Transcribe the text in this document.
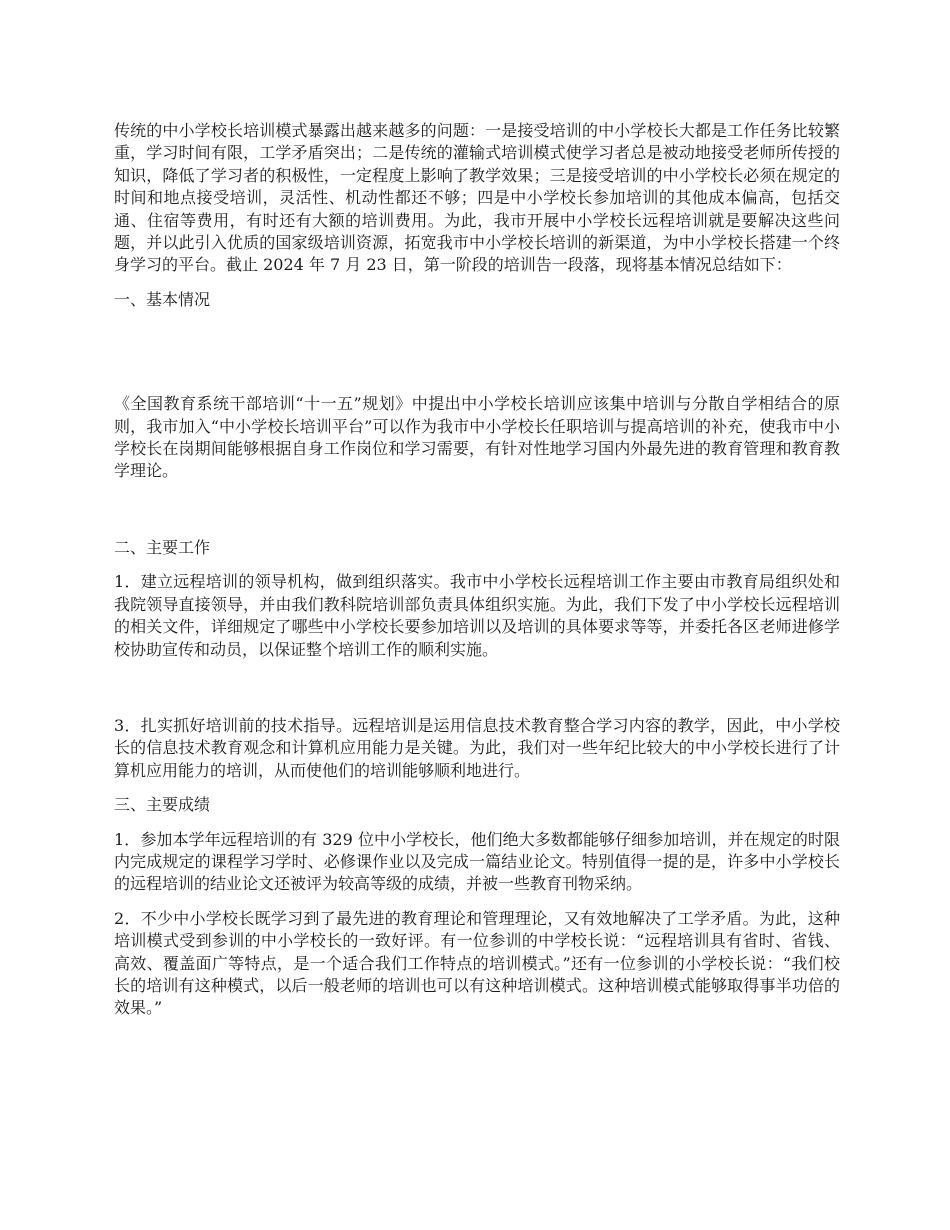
传统的中小学校长培训模式暴露出越来越多的问题：一是接受培训的中小学校长大都是工作任务比较繁重，学习时间有限，工学矛盾突出；二是传统的灌输式培训模式使学习者总是被动地接受老师所传授的知识，降低了学习者的积极性，一定程度上影响了教学效果；三是接受培训的中小学校长必须在规定的时间和地点接受培训，灵活性、机动性都还不够；四是中小学校长参加培训的其他成本偏高，包括交通、住宿等费用，有时还有大额的培训费用。为此，我市开展中小学校长远程培训就是要解决这些问题，并以此引入优质的国家级培训资源，拓宽我市中小学校长培训的新渠道，为中小学校长搭建一个终身学习的平台。截止 2024 年 7 月 23 日，第一阶段的培训告一段落，现将基本情况总结如下：

一、基本情况

《全国教育系统干部培训“十一五”规划》中提出中小学校长培训应该集中培训与分散自学相结合的原则，我市加入“中小学校长培训平台”可以作为我市中小学校长任职培训与提高培训的补充，使我市中小学校长在岗期间能够根据自身工作岗位和学习需要，有针对性地学习国内外最先进的教育管理和教育教学理论。

二、主要工作

1．建立远程培训的领导机构，做到组织落实。我市中小学校长远程培训工作主要由市教育局组织处和我院领导直接领导，并由我们教科院培训部负责具体组织实施。为此，我们下发了中小学校长远程培训的相关文件，详细规定了哪些中小学校长要参加培训以及培训的具体要求等等，并委托各区老师进修学校协助宣传和动员，以保证整个培训工作的顺利实施。

3．扎实抓好培训前的技术指导。远程培训是运用信息技术教育整合学习内容的教学，因此，中小学校长的信息技术教育观念和计算机应用能力是关键。为此，我们对一些年纪比较大的中小学校长进行了计算机应用能力的培训，从而使他们的培训能够顺利地进行。

三、主要成绩

1．参加本学年远程培训的有 329 位中小学校长，他们绝大多数都能够仔细参加培训，并在规定的时限内完成规定的课程学习学时、必修课作业以及完成一篇结业论文。特别值得一提的是，许多中小学校长的远程培训的结业论文还被评为较高等级的成绩，并被一些教育刊物采纳。

2．不少中小学校长既学习到了最先进的教育理论和管理理论，又有效地解决了工学矛盾。为此，这种培训模式受到参训的中小学校长的一致好评。有一位参训的中学校长说：“远程培训具有省时、省钱、高效、覆盖面广等特点，是一个适合我们工作特点的培训模式。”还有一位参训的小学校长说：“我们校长的培训有这种模式，以后一般老师的培训也可以有这种培训模式。这种培训模式能够取得事半功倍的效果。”
